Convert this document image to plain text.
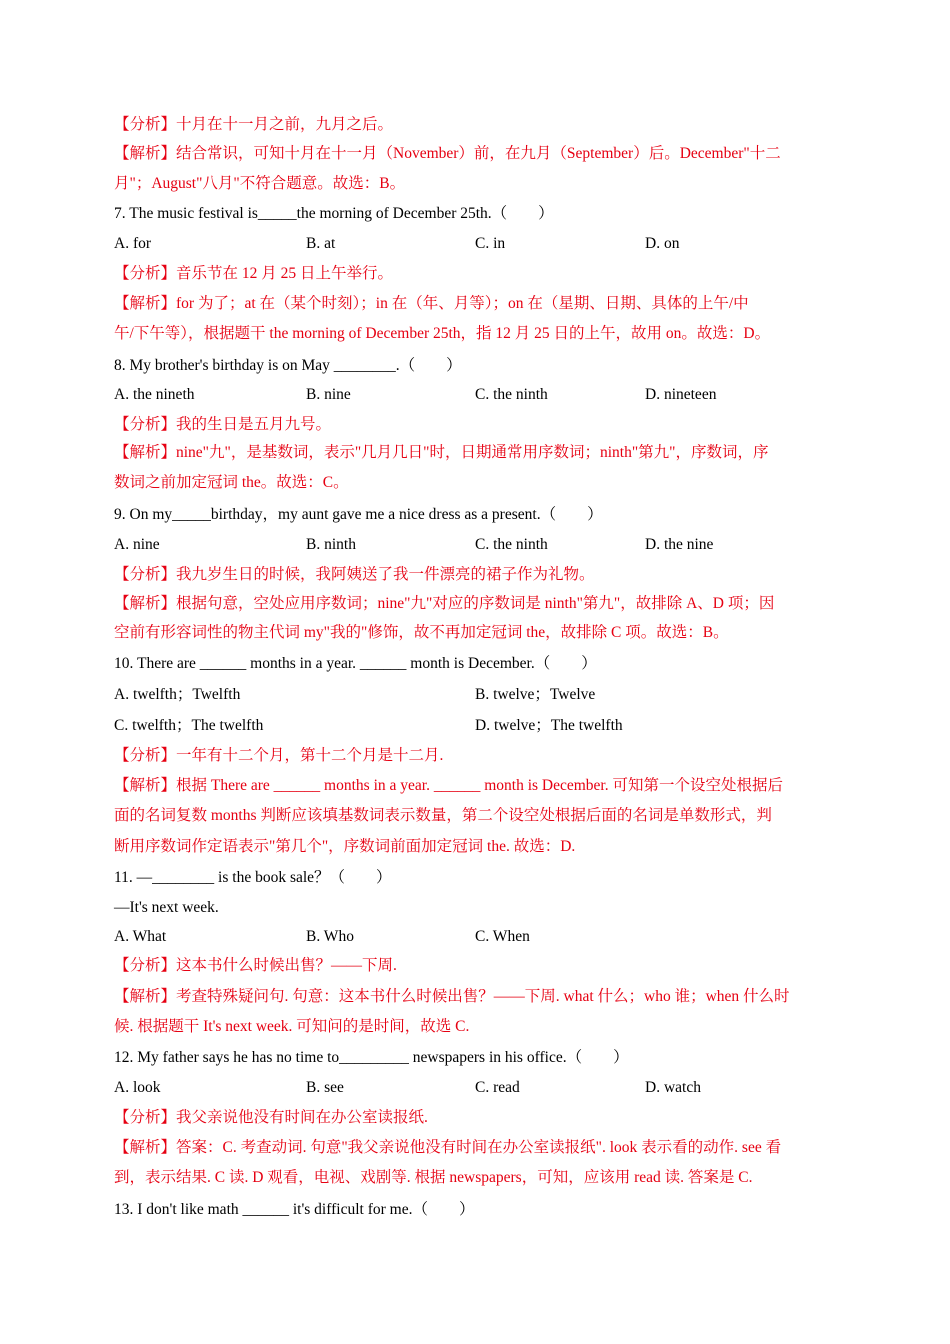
【分析】十月在十一月之前，九月之后。
【解析】结合常识，可知十月在十一月（November）前，在九月（September）后。December"十二
月"；August"八月"不符合题意。故选：B。
7. The music festival is_____the morning of December 25th.（　　）
A. for	B. at	C. in	D. on
【分析】音乐节在 12 月 25 日上午举行。
【解析】for 为了；at 在（某个时刻）；in 在（年、月等）；on 在（星期、日期、具体的上午/中
午/下午等），根据题干 the morning of December 25th，指 12 月 25 日的上午，故用 on。故选：D。
8. My brother's birthday is on May ________.（　　）
A. the nineth	B. nine	C. the ninth	D. nineteen
【分析】我的生日是五月九号。
【解析】nine"九"，是基数词，表示"几月几日"时，日期通常用序数词；ninth"第九"，序数词，序
数词之前加定冠词 the。故选：C。
9. On my_____birthday，my aunt gave me a nice dress as a present.（　　）
A. nine	B. ninth	C. the ninth	D. the nine
【分析】我九岁生日的时候，我阿姨送了我一件漂亮的裙子作为礼物。
【解析】根据句意，空处应用序数词；nine"九"对应的序数词是 ninth"第九"，故排除 A、D 项；因
空前有形容词性的物主代词 my"我的"修饰，故不再加定冠词 the，故排除 C 项。故选：B。
10. There are ______ months in a year. ______ month is December.（　　）
A. twelfth；Twelfth	B. twelve；Twelve
C. twelfth；The twelfth	D. twelve；The twelfth
【分析】一年有十二个月，第十二个月是十二月.
【解析】根据 There are ______ months in a year. ______ month is December. 可知第一个设空处根据后
面的名词复数 months 判断应该填基数词表示数量，第二个设空处根据后面的名词是单数形式，判
断用序数词作定语表示"第几个"，序数词前面加定冠词 the. 故选：D.
11. —________ is the book sale？（　　）
—It's next week.
A. What	B. Who	C. When
【分析】这本书什么时候出售？——下周.
【解析】考查特殊疑问句. 句意：这本书什么时候出售？——下周. what 什么；who 谁；when 什么时
候. 根据题干 It's next week. 可知问的是时间，故选 C.
12. My father says he has no time to_________ newspapers in his office.（　　）
A. look	B. see	C. read	D. watch
【分析】我父亲说他没有时间在办公室读报纸.
【解析】答案：C. 考查动词. 句意"我父亲说他没有时间在办公室读报纸". look 表示看的动作. see 看
到，表示结果. C 读. D 观看，电视、戏剧等. 根据 newspapers，可知，应该用 read 读. 答案是 C.
13. I don't like math ______ it's difficult for me.（　　）
